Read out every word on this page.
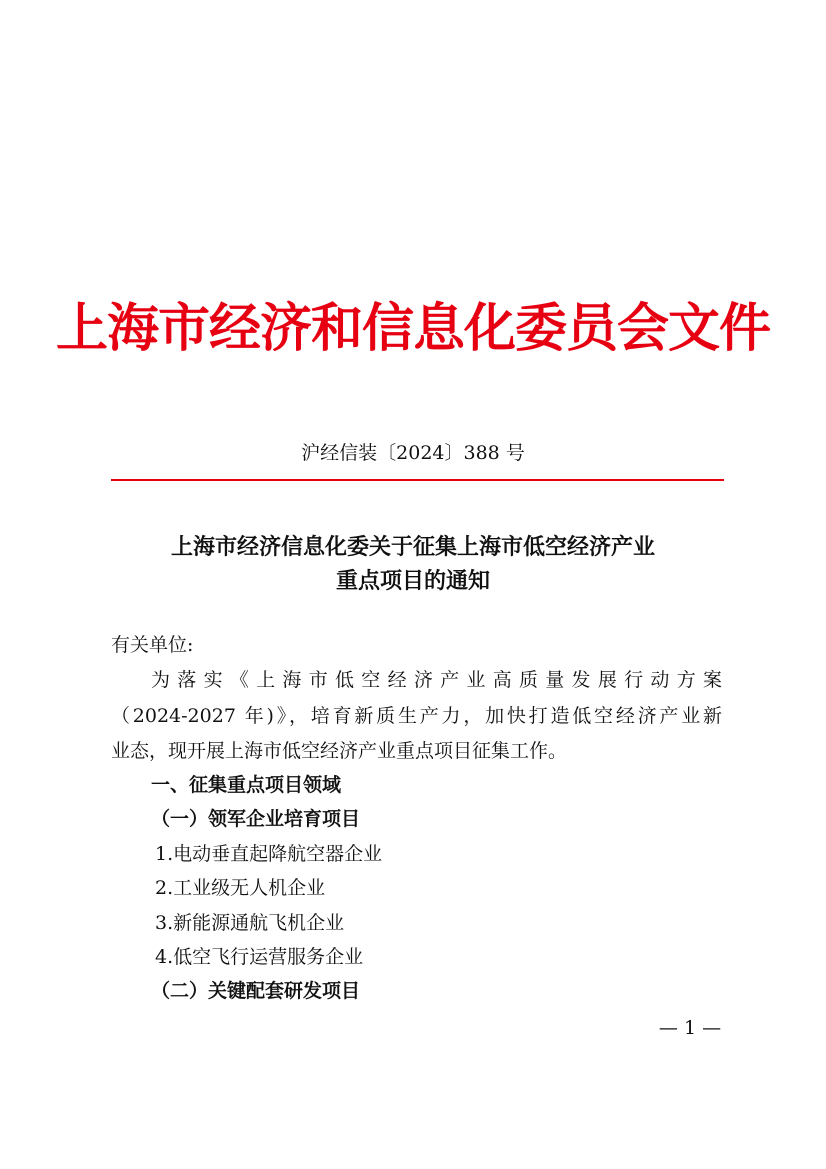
上海市经济和信息化委员会文件
沪经信装〔2024〕388 号
上海市经济信息化委关于征集上海市低空经济产业
重点项目的通知
有关单位:
为落实《上海市低空经济产业高质量发展行动方案
（2024-2027 年)》，培育新质生产力，加快打造低空经济产业新
业态，现开展上海市低空经济产业重点项目征集工作。
一、征集重点项目领域
（一）领军企业培育项目
1.电动垂直起降航空器企业
2.工业级无人机企业
3.新能源通航飞机企业
4.低空飞行运营服务企业
（二）关键配套研发项目
— 1 —
